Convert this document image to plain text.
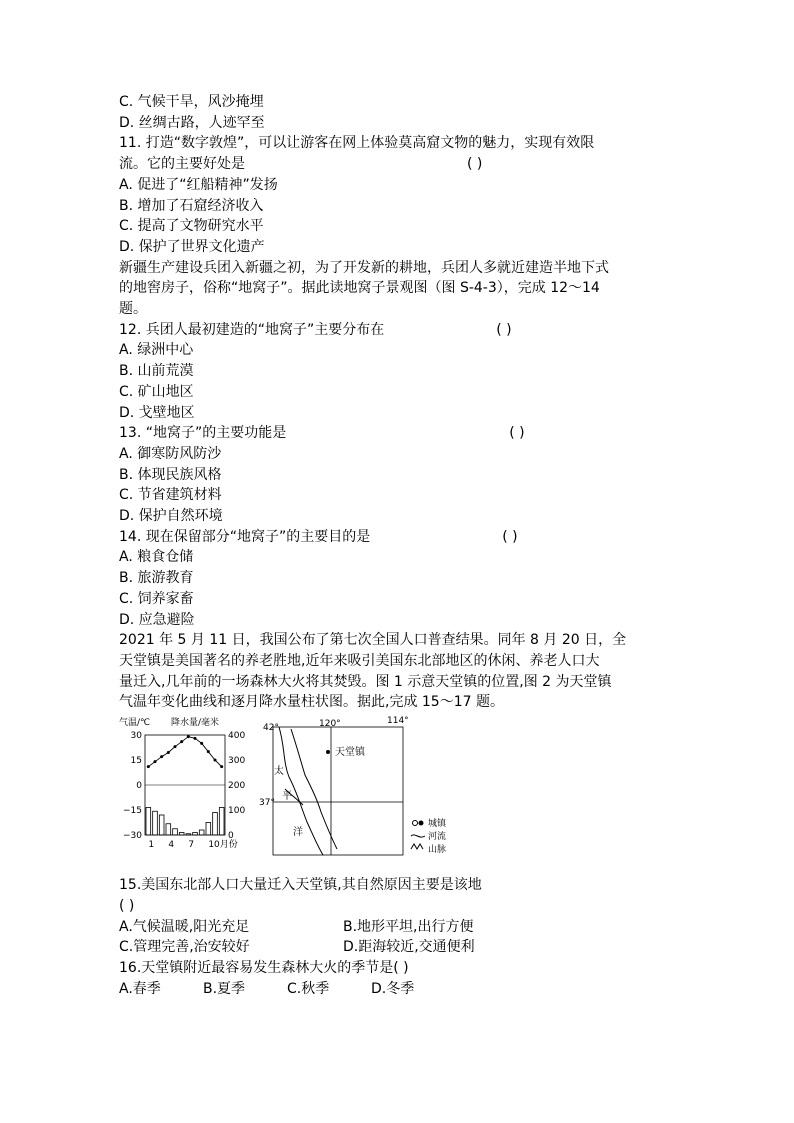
C. 气候干旱，风沙掩埋
D. 丝绸古路，人迹罕至
11. 打造“数字敦煌”，可以让游客在网上体验莫高窟文物的魅力，实现有效限
流。它的主要好处是	( )
A. 促进了“红船精神”发扬
B. 增加了石窟经济收入
C. 提高了文物研究水平
D. 保护了世界文化遗产
新疆生产建设兵团入新疆之初，为了开发新的耕地，兵团人多就近建造半地下式
的地窖房子，俗称“地窝子”。据此读地窝子景观图（图 S-4-3），完成 12～14
题。
12. 兵团人最初建造的“地窝子”主要分布在	( )
A. 绿洲中心
B. 山前荒漠
C. 矿山地区
D. 戈壁地区
13. “地窝子”的主要功能是	( )
A. 御寒防风防沙
B. 体现民族风格
C. 节省建筑材料
D. 保护自然环境
14. 现在保留部分“地窝子”的主要目的是	( )
A. 粮食仓储
B. 旅游教育
C. 饲养家畜
D. 应急避险
2021 年 5 月 11 日，我国公布了第七次全国人口普查结果。同年 8 月 20 日，全
天堂镇是美国著名的养老胜地,近年来吸引美国东北部地区的休闲、养老人口大
量迁入,几年前的一场森林大火将其焚毁。图 1 示意天堂镇的位置,图 2 为天堂镇
气温年变化曲线和逐月降水量柱状图。据此,完成 15～17 题。
气温/℃ 降水量/毫米
30
15
0
−15
−30
400
300
200
100
0
1 4 7 10月份
42°
37°
120°	114°
太
平
洋
天堂镇
城镇
河流
山脉
15.美国东北部人口大量迁入天堂镇,其自然原因主要是该地
( )
A.气候温暖,阳光充足	B.地形平坦,出行方便
C.管理完善,治安较好	D.距海较近,交通便利
16.天堂镇附近最容易发生森林大火的季节是( )
A.春季	B.夏季	C.秋季	D.冬季
